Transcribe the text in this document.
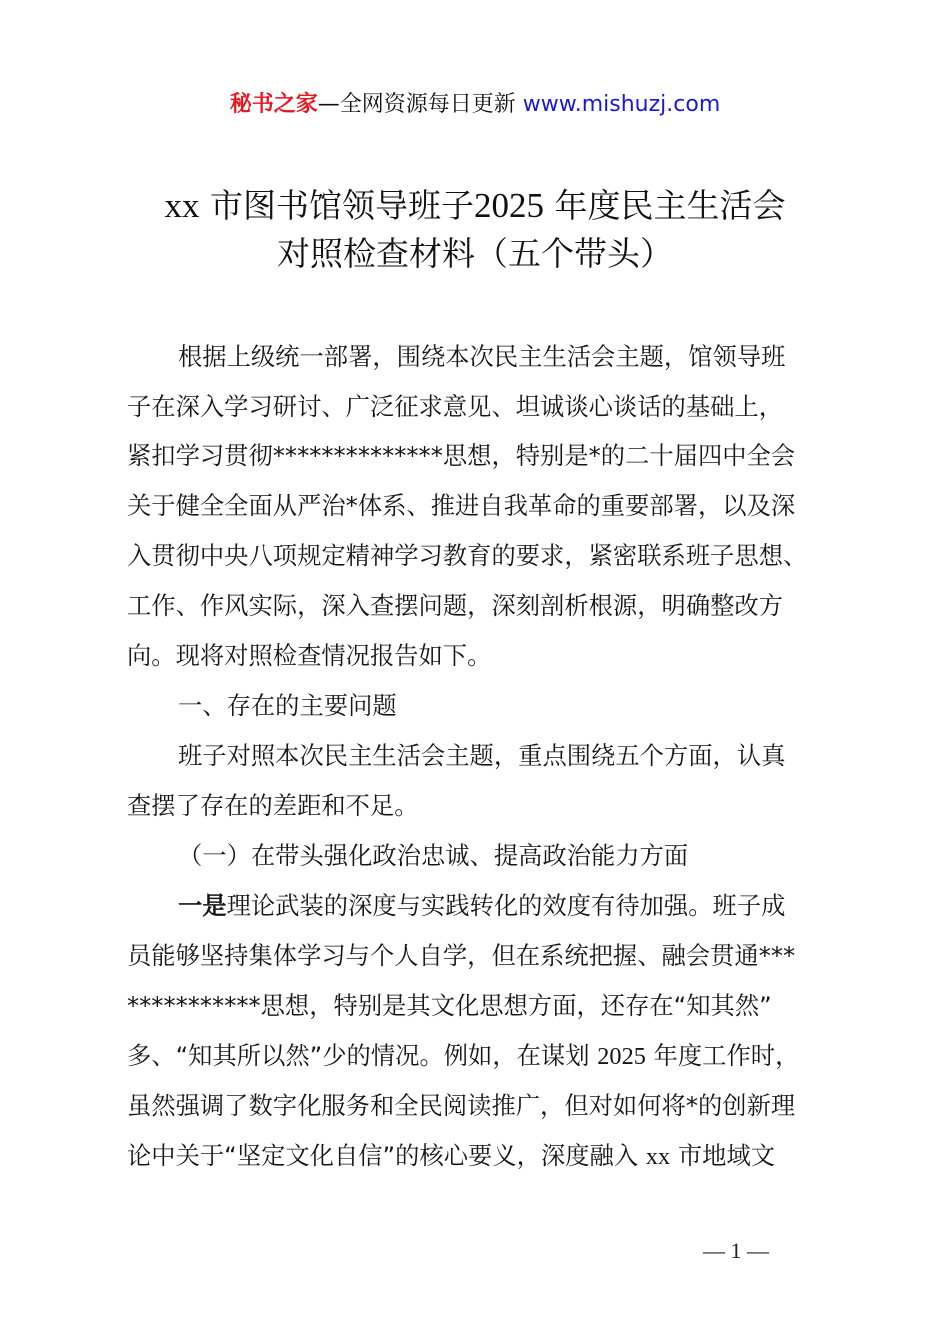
秘书之家—全网资源每日更新 www.mishuzj.com
xx 市图书馆领导班子2025 年度民主生活会
对照检查材料（五个带头）
根据上级统一部署，围绕本次民主生活会主题，馆领导班
子在深入学习研讨、广泛征求意见、坦诚谈心谈话的基础上，
紧扣学习贯彻**************思想，特别是*的二十届四中全会
关于健全全面从严治*体系、推进自我革命的重要部署，以及深
入贯彻中央八项规定精神学习教育的要求，紧密联系班子思想、
工作、作风实际，深入查摆问题，深刻剖析根源，明确整改方
向。现将对照检查情况报告如下。
一、存在的主要问题
班子对照本次民主生活会主题，重点围绕五个方面，认真
查摆了存在的差距和不足。
（一）在带头强化政治忠诚、提高政治能力方面
一是理论武装的深度与实践转化的效度有待加强。班子成
员能够坚持集体学习与个人自学，但在系统把握、融会贯通***
***********思想，特别是其文化思想方面，还存在“知其然”
多、“知其所以然”少的情况。例如，在谋划 2025 年度工作时，
虽然强调了数字化服务和全民阅读推广，但对如何将*的创新理
论中关于“坚定文化自信”的核心要义，深度融入 xx 市地域文
— 1 —
